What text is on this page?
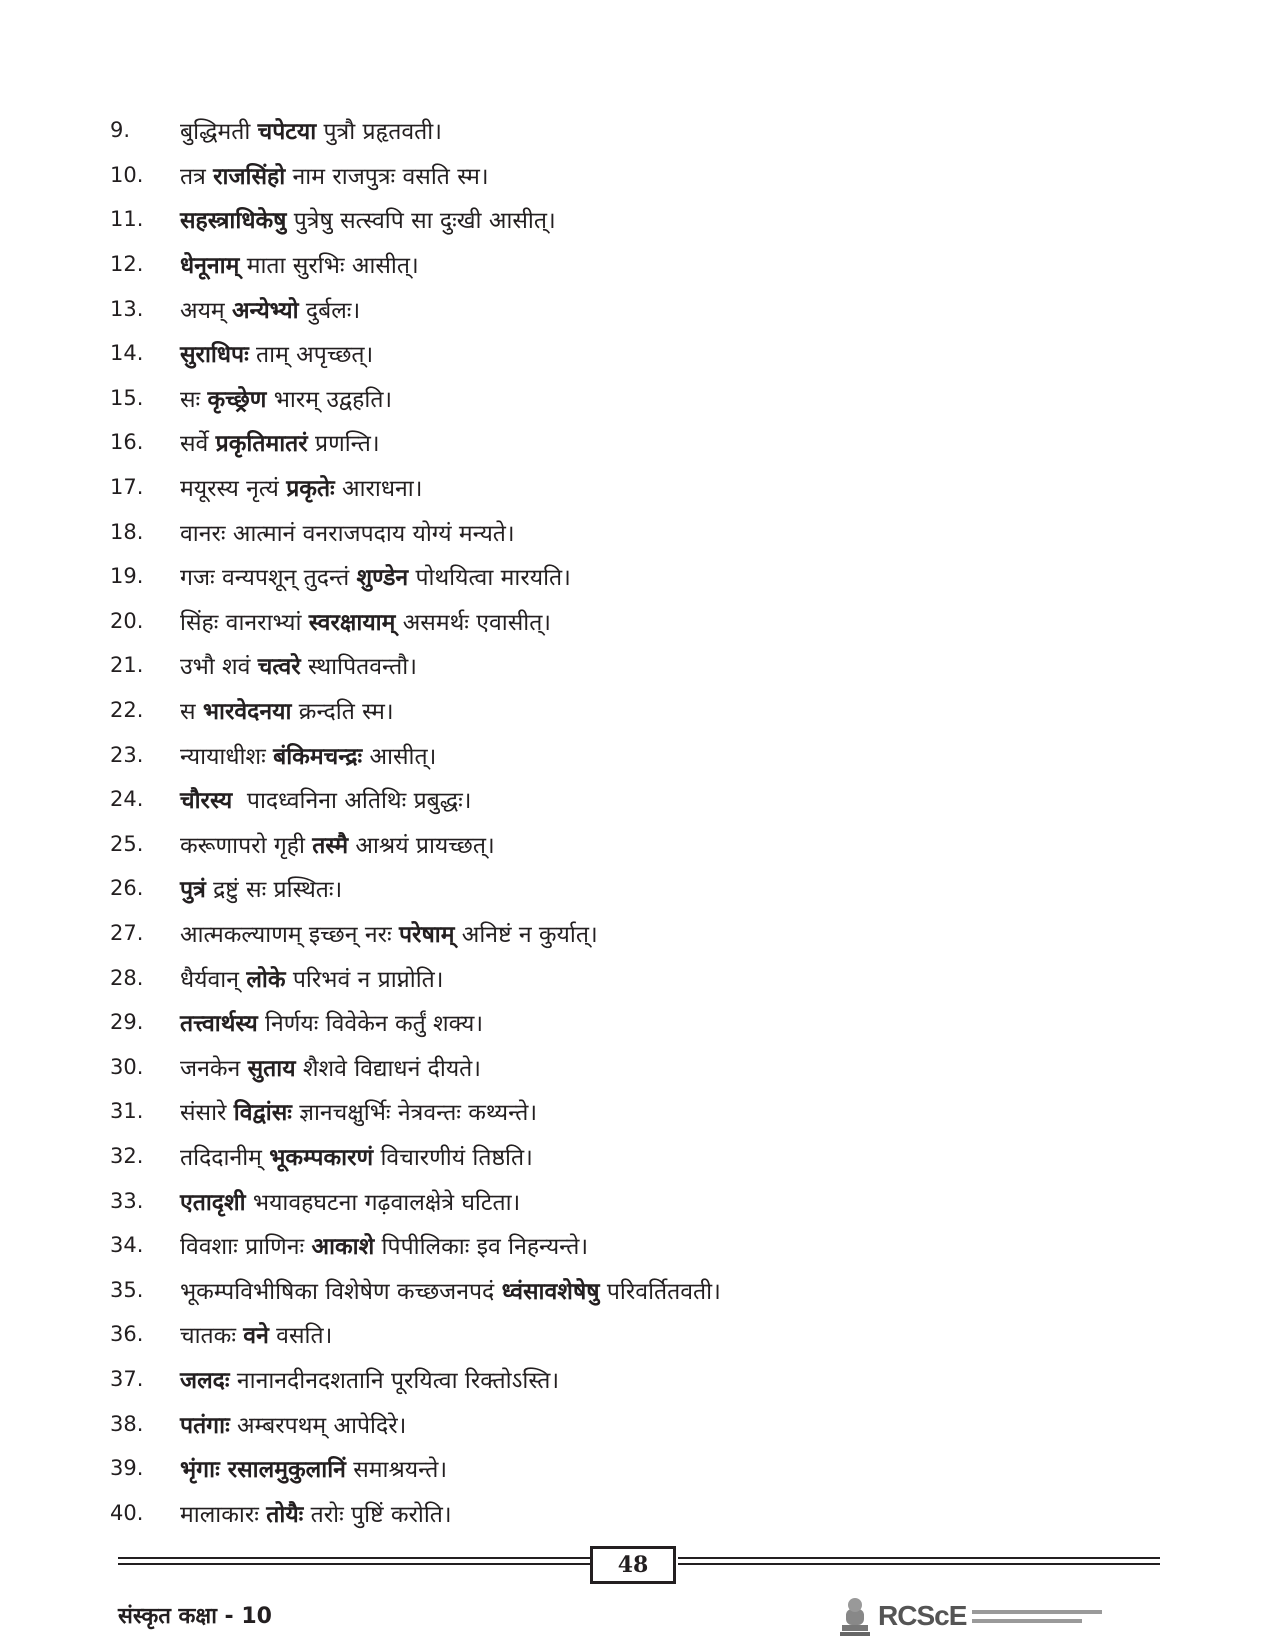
9.	बुद्धिमती चपेटया पुत्रौ प्रहृतवती।
10.	तत्र राजसिंहो नाम राजपुत्रः वसति स्म।
11.	सहस्त्राधिकेषु पुत्रेषु सत्स्वपि सा दुःखी आसीत्।
12.	धेनूनाम् माता सुरभिः आसीत्।
13.	अयम् अन्येभ्यो दुर्बलः।
14.	सुराधिपः ताम् अपृच्छत्।
15.	सः कृच्छ्रेण भारम् उद्वहति।
16.	सर्वे प्रकृतिमातरं प्रणन्ति।
17.	मयूरस्य नृत्यं प्रकृतेः आराधना।
18.	वानरः आत्मानं वनराजपदाय योग्यं मन्यते।
19.	गजः वन्यपशून् तुदन्तं शुण्डेन पोथयित्वा मारयति।
20.	सिंहः वानराभ्यां स्वरक्षायाम् असमर्थः एवासीत्।
21.	उभौ शवं चत्वरे स्थापितवन्तौ।
22.	स भारवेदनया क्रन्दति स्म।
23.	न्यायाधीशः बंकिमचन्द्रः आसीत्।
24.	चौरस्य  पादध्वनिना अतिथिः प्रबुद्धः।
25.	करूणापरो गृही तस्मै आश्रयं प्रायच्छत्।
26.	पुत्रं द्रष्टुं सः प्रस्थितः।
27.	आत्मकल्याणम् इच्छन् नरः परेषाम् अनिष्टं न कुर्यात्।
28.	धैर्यवान् लोके परिभवं न प्राप्नोति।
29.	तत्त्वार्थस्य निर्णयः विवेकेन कर्तुं शक्य।
30.	जनकेन सुताय शैशवे विद्याधनं दीयते।
31.	संसारे विद्वांसः ज्ञानचक्षुर्भिः नेत्रवन्तः कथ्यन्ते।
32.	तदिदानीम् भूकम्पकारणं विचारणीयं तिष्ठति।
33.	एतादृशी भयावहघटना गढ़वालक्षेत्रे घटिता।
34.	विवशाः प्राणिनः आकाशे पिपीलिकाः इव निहन्यन्ते।
35.	भूकम्पविभीषिका विशेषेण कच्छजनपदं ध्वंसावशेषेषु परिवर्तितवती।
36.	चातकः वने वसति।
37.	जलदः नानानदीनदशतानि पूरयित्वा रिक्तोऽस्ति।
38.	पतंगाः अम्बरपथम् आपेदिरे।
39.	भृंगाः रसालमुकुलानिं समाश्रयन्ते।
40.	मालाकारः तोयैः तरोः पुष्टिं करोति।
48
संस्कृत कक्षा - 10	RCScE
